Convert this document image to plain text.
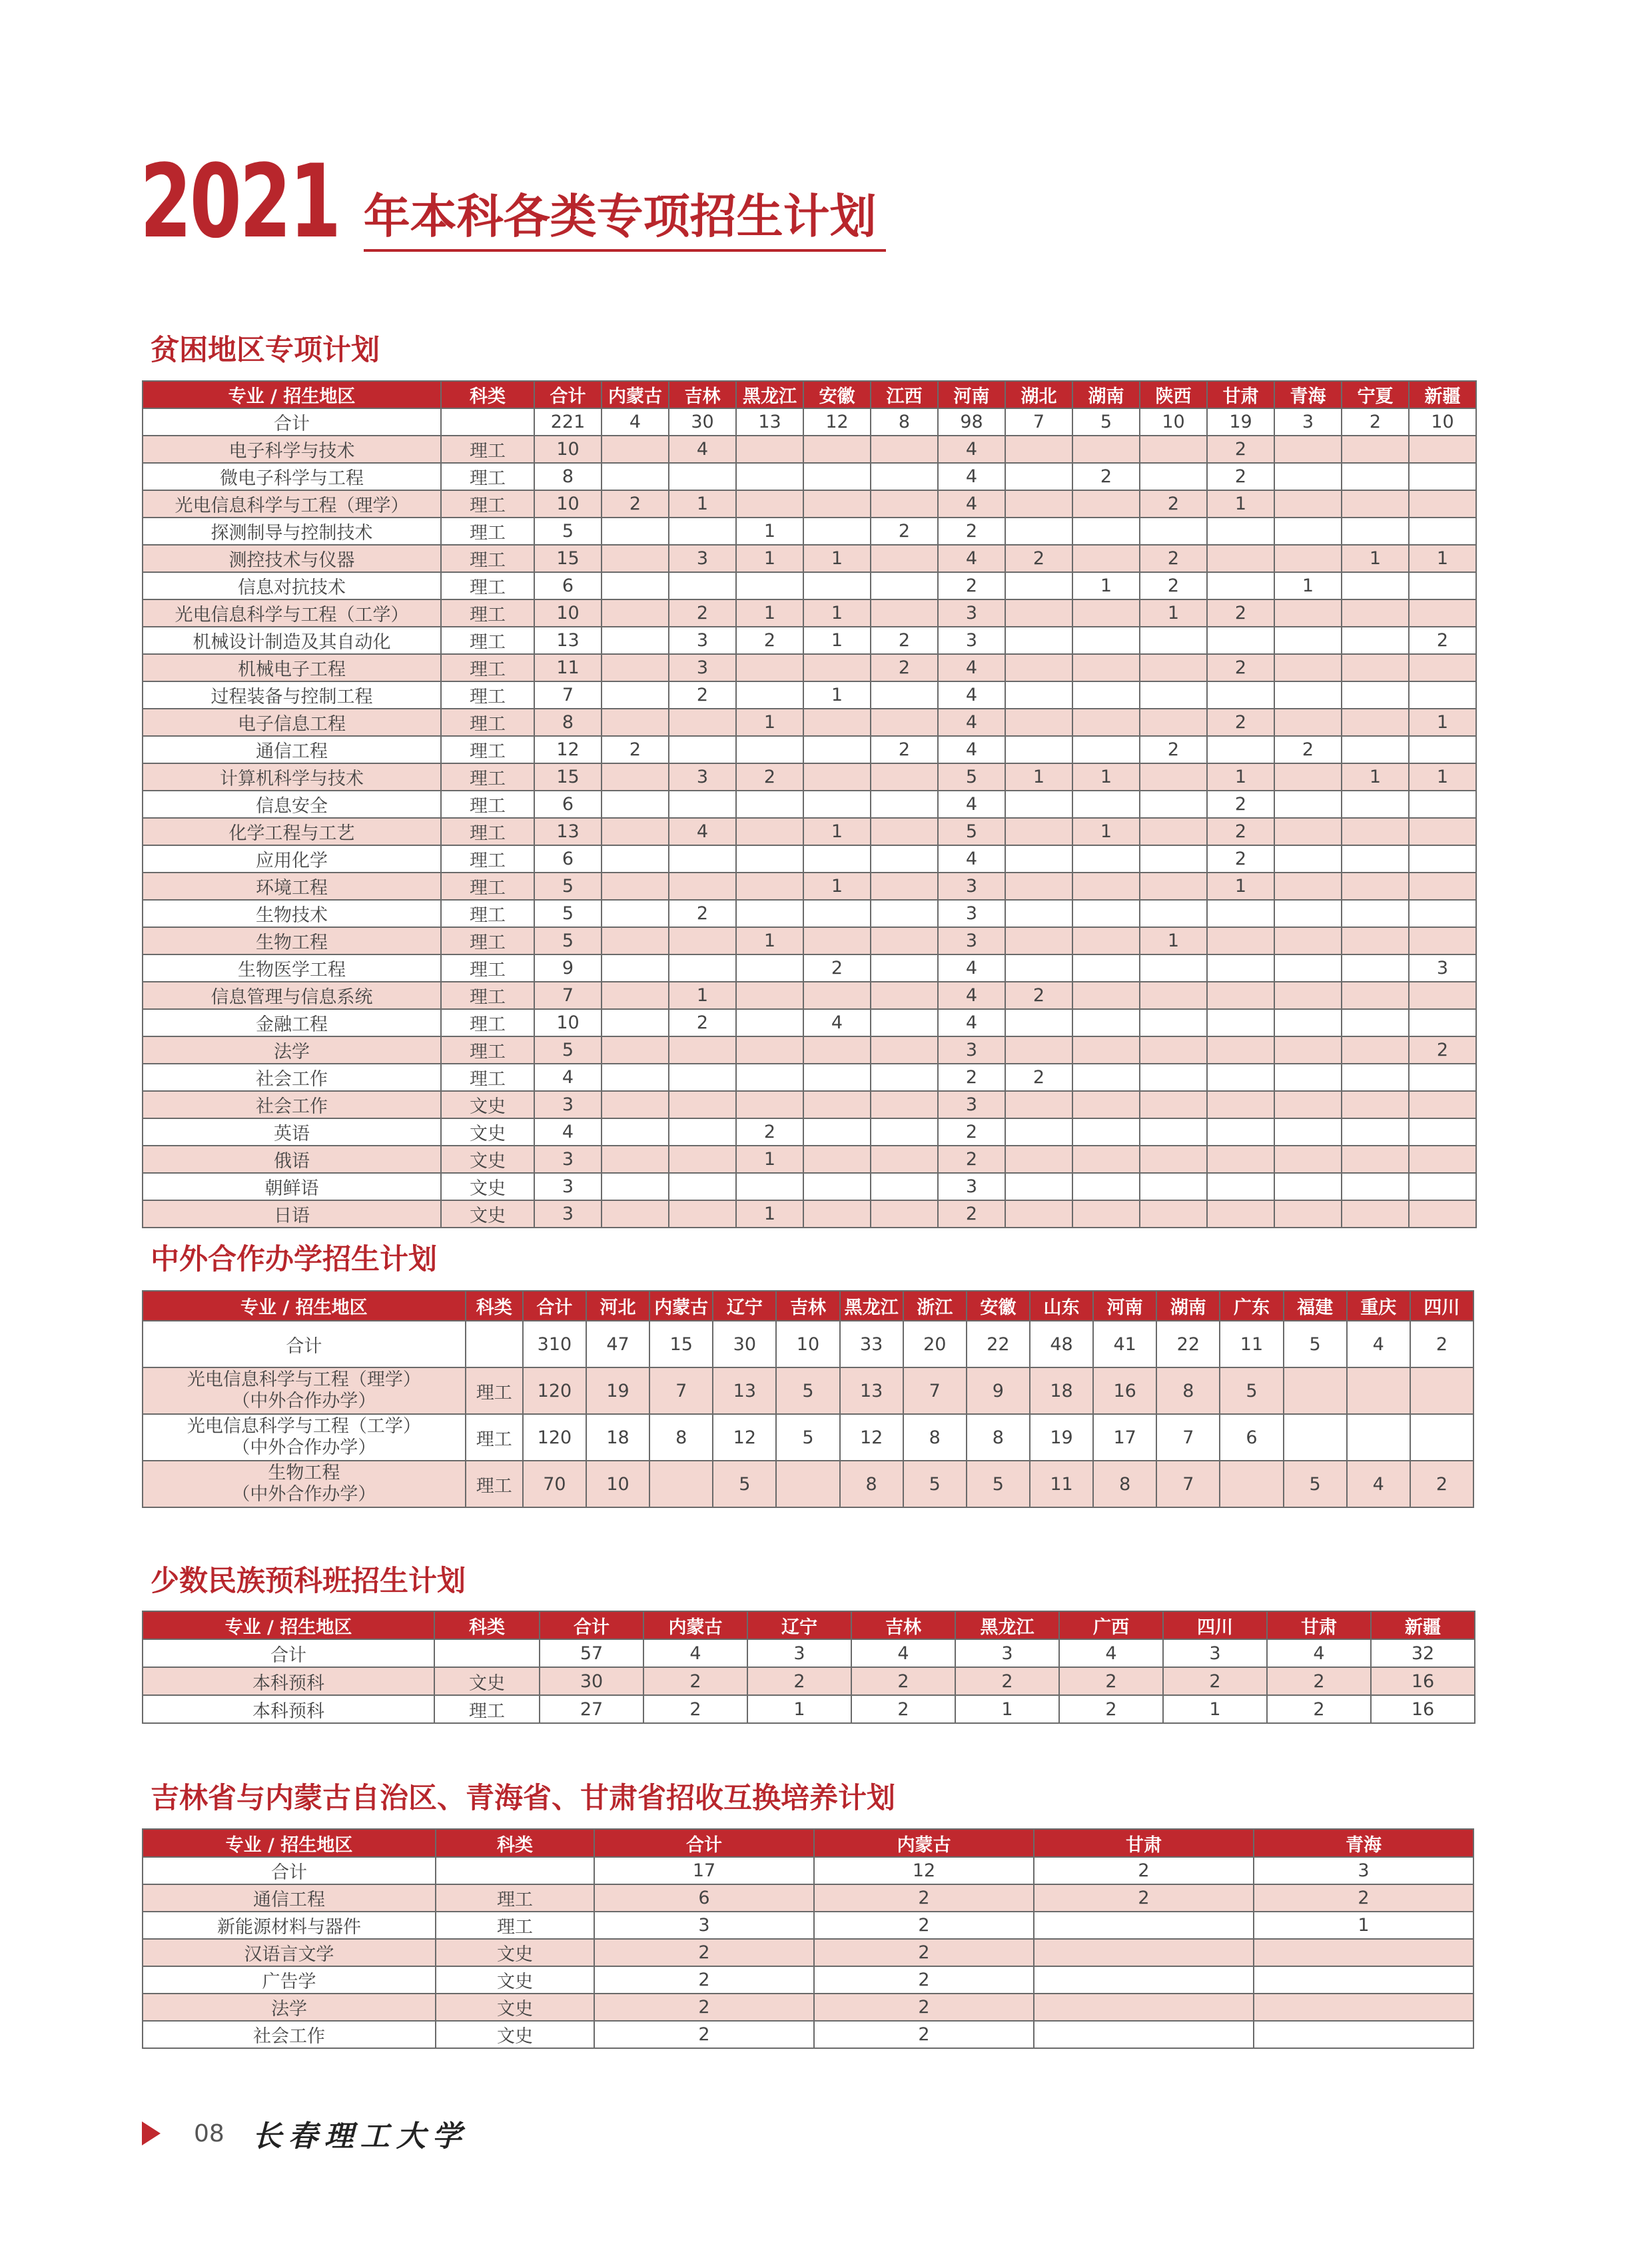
2021 年本科各类专项招生计划
贫困地区专项计划
专业 / 招生地区	科类	合计	内蒙古	吉林	黑龙江	安徽	江西	河南	湖北	湖南	陕西	甘肃	青海	宁夏	新疆
合计		221	4	30	13	12	8	98	7	5	10	19	3	2	10
电子科学与技术	理工	10		4				4				2			
微电子科学与工程	理工	8						4		2		2			
光电信息科学与工程（理学）	理工	10	2	1				4			2	1			
探测制导与控制技术	理工	5			1		2	2							
测控技术与仪器	理工	15		3	1	1		4	2		2			1	1
信息对抗技术	理工	6						2		1	2		1		
光电信息科学与工程（工学）	理工	10		2	1	1		3			1	2			
机械设计制造及其自动化	理工	13		3	2	1	2	3							2
机械电子工程	理工	11		3			2	4				2			
过程装备与控制工程	理工	7		2		1		4							
电子信息工程	理工	8			1			4				2			1
通信工程	理工	12	2				2	4			2		2		
计算机科学与技术	理工	15		3	2			5	1	1		1		1	1
信息安全	理工	6						4				2			
化学工程与工艺	理工	13		4		1		5		1		2			
应用化学	理工	6						4				2			
环境工程	理工	5				1		3				1			
生物技术	理工	5		2				3							
生物工程	理工	5			1			3			1				
生物医学工程	理工	9				2		4							3
信息管理与信息系统	理工	7		1				4	2						
金融工程	理工	10		2		4		4							
法学	理工	5						3							2
社会工作	理工	4						2	2						
社会工作	文史	3						3							
英语	文史	4			2			2							
俄语	文史	3			1			2							
朝鲜语	文史	3						3							
日语	文史	3			1			2							
中外合作办学招生计划
专业 / 招生地区	科类	合计	河北	内蒙古	辽宁	吉林	黑龙江	浙江	安徽	山东	河南	湖南	广东	福建	重庆	四川
合计		310	47	15	30	10	33	20	22	48	41	22	11	5	4	2

光电信息科学与工程（理学）
（中外合作办学）	理工	120	19	7	13	5	13	7	9	18	16	8	5			

光电信息科学与工程（工学）
（中外合作办学）	理工	120	18	8	12	5	12	8	8	19	17	7	6			

生物工程
（中外合作办学）	理工	70	10		5		8	5	5	11	8	7		5	4	2
少数民族预科班招生计划
专业 / 招生地区	科类	合计	内蒙古	辽宁	吉林	黑龙江	广西	四川	甘肃	新疆
合计		57	4	3	4	3	4	3	4	32
本科预科	文史	30	2	2	2	2	2	2	2	16
本科预科	理工	27	2	1	2	1	2	1	2	16
吉林省与内蒙古自治区、青海省、甘肃省招收互换培养计划
专业 / 招生地区	科类	合计	内蒙古	甘肃	青海
合计		17	12	2	3
通信工程	理工	6	2	2	2
新能源材料与器件	理工	3	2		1
汉语言文学	文史	2	2		
广告学	文史	2	2		
法学	文史	2	2		
社会工作	文史	2	2		
08 长春理工大学
